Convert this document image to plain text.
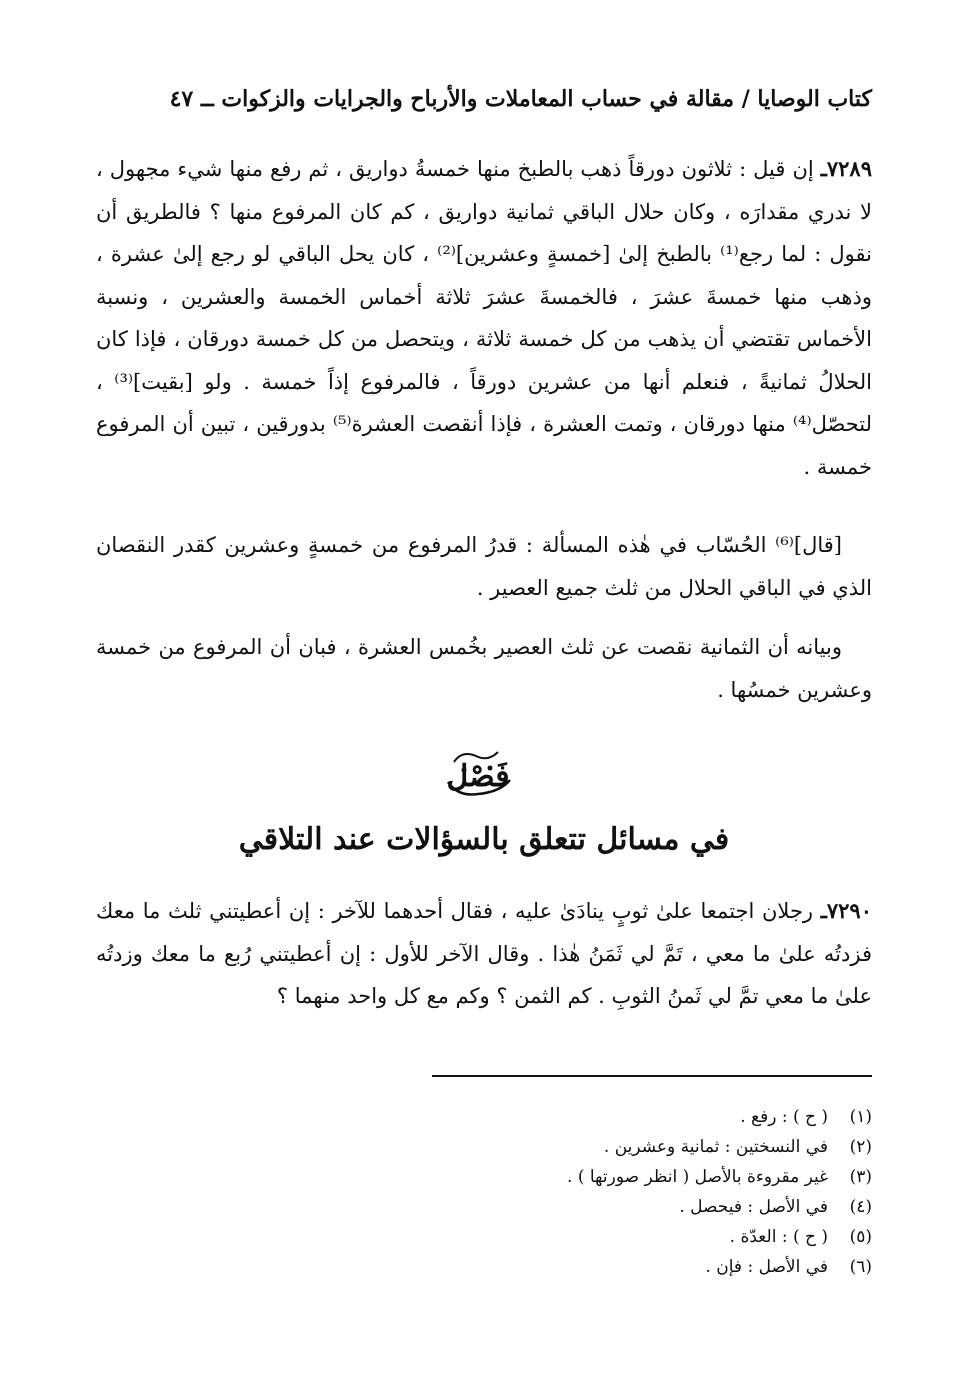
كتاب الوصايا / مقالة في حساب المعاملات والأرباح والجرايات والزكوات ــ ٤٧

٧٢٨٩ـ إن قيل : ثلاثون دورقاً ذهب بالطبخ منها خمسةُ دواريق ، ثم رفع منها شيء مجهول ، لا ندري مقدارَه ، وكان حلال الباقي ثمانية دواريق ، كم كان المرفوع منها ؟ فالطريق أن نقول : لما رجع⁽¹⁾ بالطبخ إلىٰ [خمسةٍ وعشرين]⁽²⁾ ، كان يحل الباقي لو رجع إلىٰ عشرة ، وذهب منها خمسةَ عشرَ ، فالخمسةَ عشرَ ثلاثة أخماس الخمسة والعشرين ، ونسبة الأخماس تقتضي أن يذهب من كل خمسة ثلاثة ، ويتحصل من كل خمسة دورقان ، فإذا كان الحلالُ ثمانيةً ، فنعلم أنها من عشرين دورقاً ، فالمرفوع إذاً خمسة . ولو [بقيت]⁽³⁾ ، لتحصّل⁽⁴⁾ منها دورقان ، وتمت العشرة ، فإذا أنقصت العشرة⁽⁵⁾ بدورقين ، تبين أن المرفوع خمسة .

[قال]⁽⁶⁾ الحُسّاب في هٰذه المسألة : قدرُ المرفوع من خمسةٍ وعشرين كقدر النقصان الذي في الباقي الحلال من ثلث جميع العصير .

وبيانه أن الثمانية نقصت عن ثلث العصير بخُمس العشرة ، فبان أن المرفوع من خمسة وعشرين خمسُها .

فَصْل
في مسائل تتعلق بالسؤالات عند التلاقي

٧٢٩٠ـ رجلان اجتمعا علىٰ ثوبٍ ينادَىٰ عليه ، فقال أحدهما للآخر : إن أعطيتني ثلث ما معك فزدتُه علىٰ ما معي ، تَمَّ لي ثَمَنُ هٰذا . وقال الآخر للأول : إن أعطيتني رُبع ما معك وزدتُه علىٰ ما معي تمَّ لي ثَمنُ الثوبِ . كم الثمن ؟ وكم مع كل واحد منهما ؟

(١)( ح ) : رفع .
(٢)في النسختين : ثمانية وعشرين .
(٣)غير مقروءة بالأصل ( انظر صورتها ) .
(٤)في الأصل : فيحصل .
(٥)( ح ) : العدّة .
(٦)في الأصل : فإن .
